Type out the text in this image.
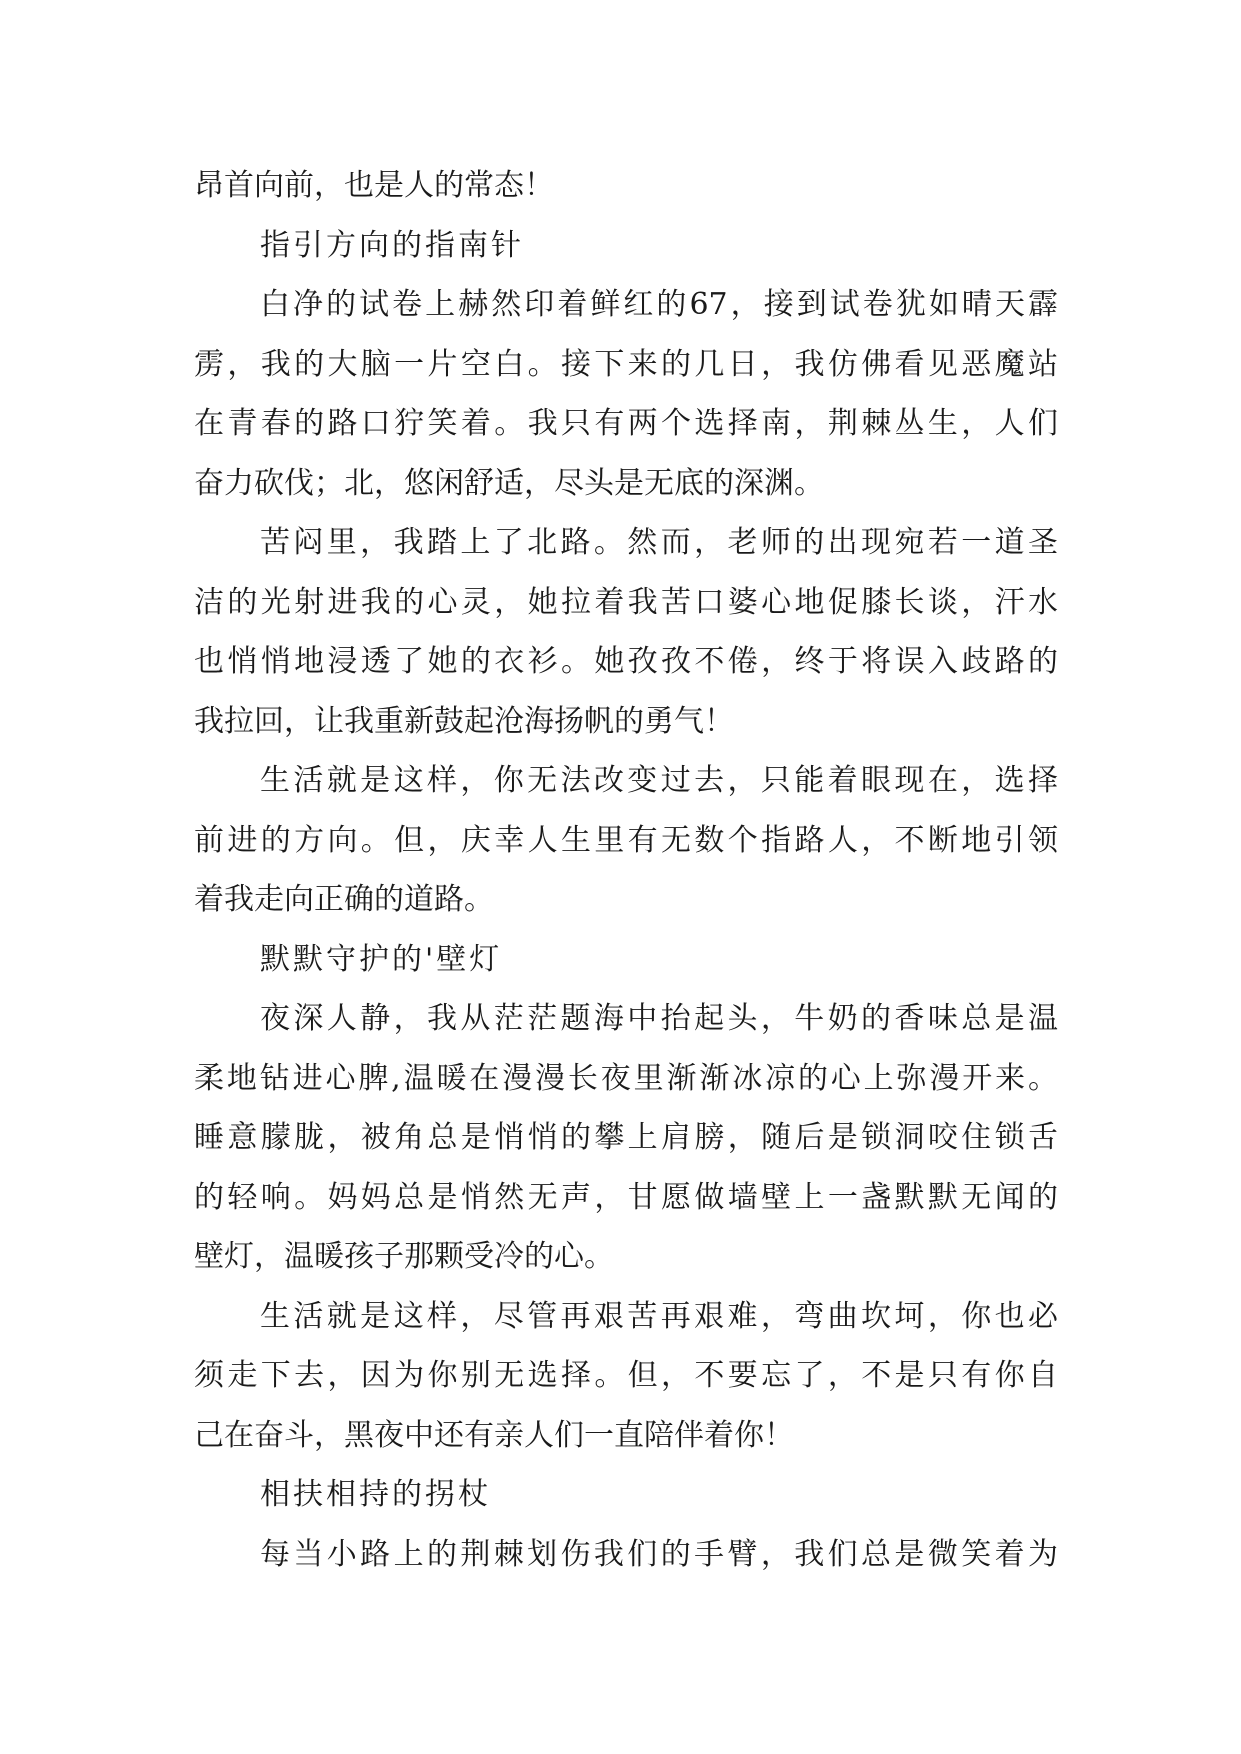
昂首向前，也是人的常态！
指引方向的指南针
白净的试卷上赫然印着鲜红的67，接到试卷犹如晴天霹
雳，我的大脑一片空白。接下来的几日，我仿佛看见恶魔站
在青春的路口狞笑着。我只有两个选择南，荆棘丛生，人们
奋力砍伐；北，悠闲舒适，尽头是无底的深渊。
苦闷里，我踏上了北路。然而，老师的出现宛若一道圣
洁的光射进我的心灵，她拉着我苦口婆心地促膝长谈，汗水
也悄悄地浸透了她的衣衫。她孜孜不倦，终于将误入歧路的
我拉回，让我重新鼓起沧海扬帆的勇气！
生活就是这样，你无法改变过去，只能着眼现在，选择
前进的方向。但，庆幸人生里有无数个指路人，不断地引领
着我走向正确的道路。
默默守护的'壁灯
夜深人静，我从茫茫题海中抬起头，牛奶的香味总是温
柔地钻进心脾,温暖在漫漫长夜里渐渐冰凉的心上弥漫开来。
睡意朦胧，被角总是悄悄的攀上肩膀，随后是锁洞咬住锁舌
的轻响。妈妈总是悄然无声，甘愿做墙壁上一盏默默无闻的
壁灯，温暖孩子那颗受冷的心。
生活就是这样，尽管再艰苦再艰难，弯曲坎坷，你也必
须走下去，因为你别无选择。但，不要忘了，不是只有你自
己在奋斗，黑夜中还有亲人们一直陪伴着你！
相扶相持的拐杖
每当小路上的荆棘划伤我们的手臂，我们总是微笑着为
